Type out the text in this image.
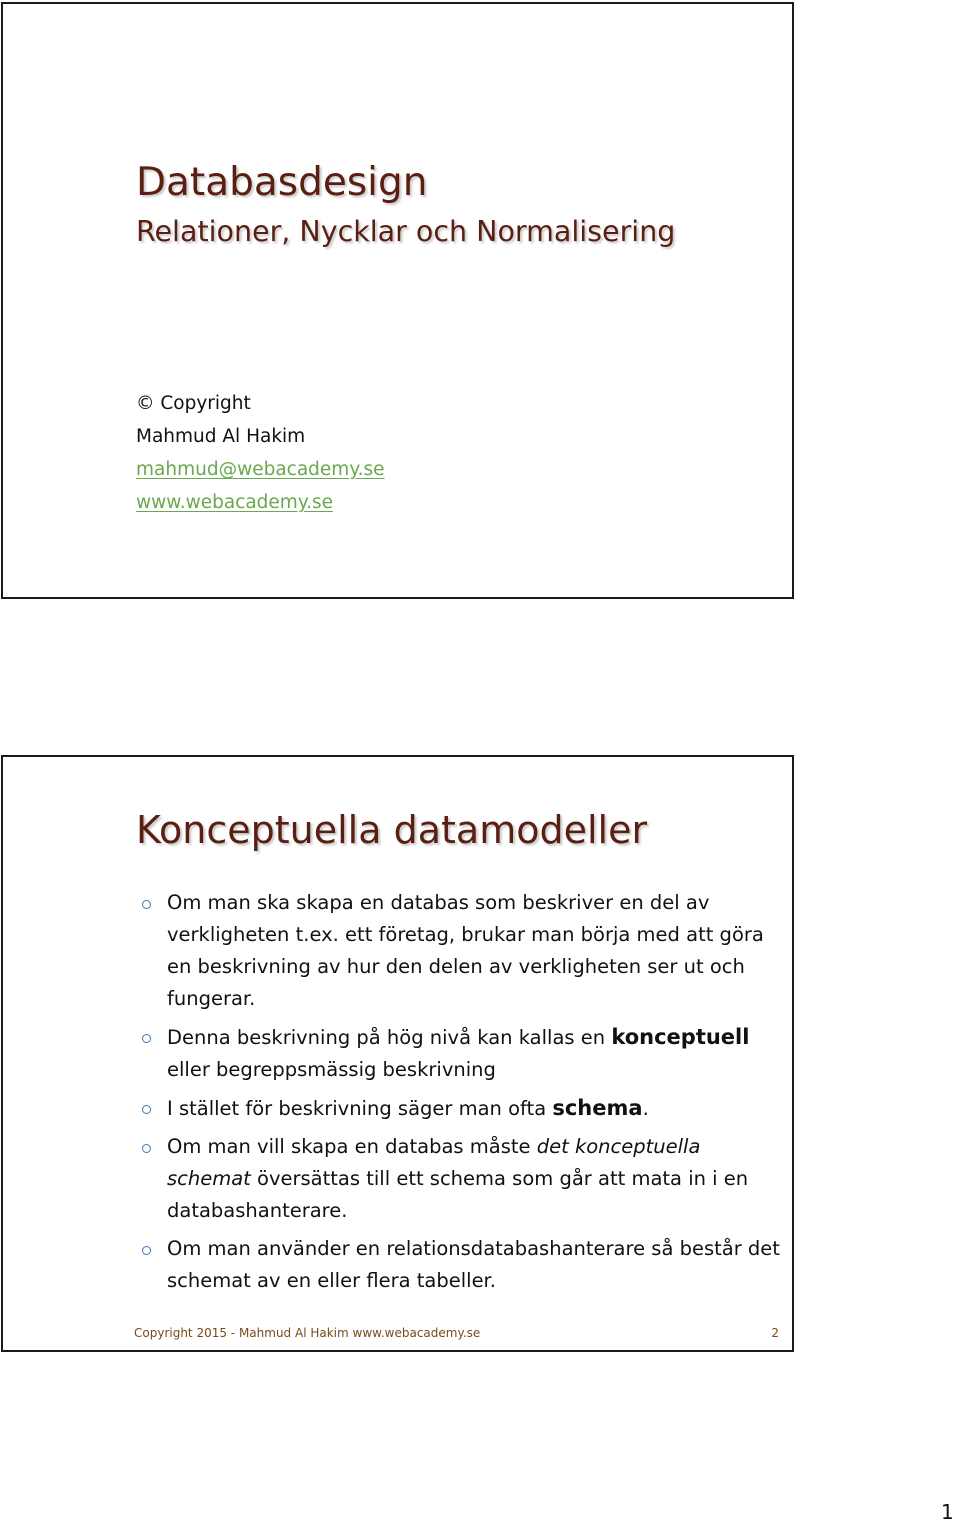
Databasdesign
Relationer, Nycklar och Normalisering
© Copyright
Mahmud Al Hakim
mahmud@webacademy.se
www.webacademy.se
Konceptuella datamodeller
Om man ska skapa en databas som beskriver en del av verkligheten t.ex. ett företag, brukar man börja med att göra en beskrivning av hur den delen av verkligheten ser ut och fungerar.
Denna beskrivning på hög nivå kan kallas en konceptuell eller begreppsmässig beskrivning
I stället för beskrivning säger man ofta schema.
Om man vill skapa en databas måste det konceptuella schemat översättas till ett schema som går att mata in i en databashanterare.
Om man använder en relationsdatabashanterare så består det schemat av en eller flera tabeller.
Copyright 2015 - Mahmud Al Hakim www.webacademy.se	2
1
